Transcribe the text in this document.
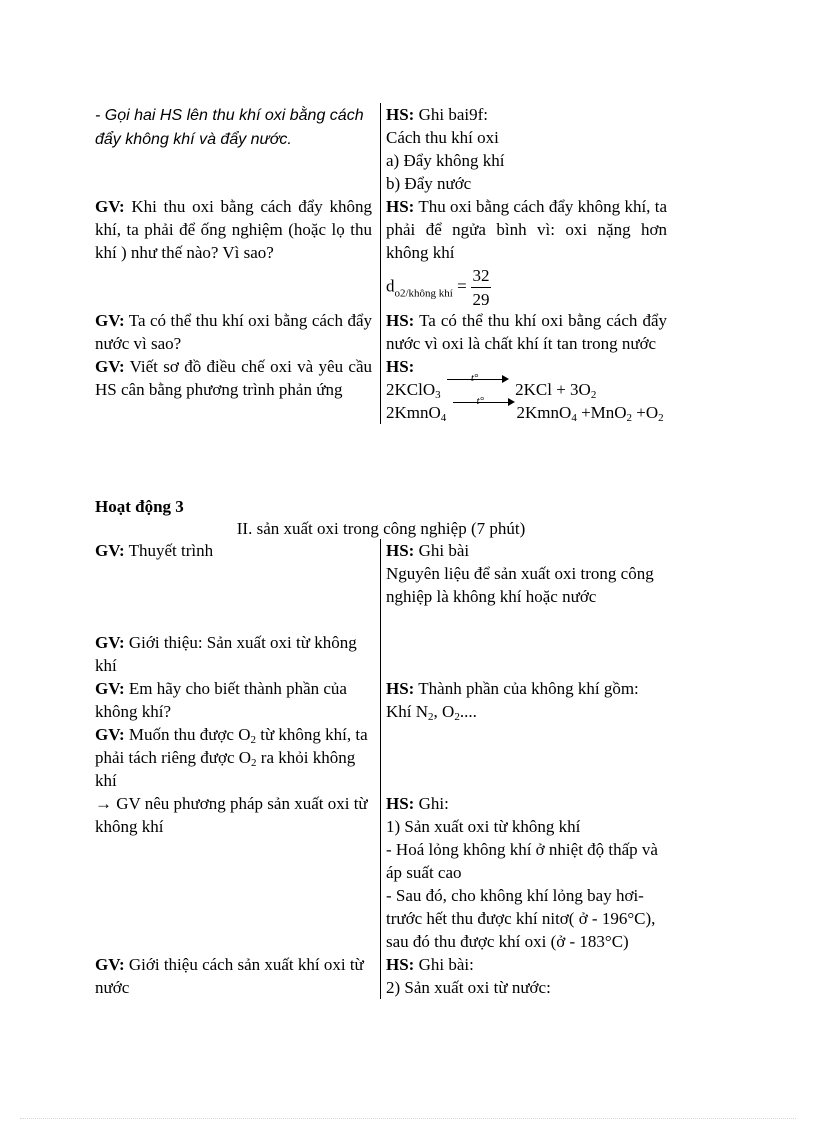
- Gọi hai HS lên thu khí oxi bằng cách đẩy không khí và đẩy nước.
HS: Ghi bai9f:
Cách thu khí oxi
a) Đẩy không khí
b) Đẩy nước
GV: Khi thu oxi bằng cách đẩy không khí, ta phải để ống nghiệm (hoặc lọ thu khí ) như thế nào? Vì sao?
HS: Thu oxi bằng cách đẩy không khí, ta phải để ngửa bình vì: oxi nặng hơn không khí
$d_{o2/không khí} = \frac{32}{29}$
GV: Ta có thể thu khí oxi bằng cách đẩy nước vì sao?
HS: Ta có thể thu khí oxi bằng cách đẩy nước vì oxi là chất khí ít tan trong nước
GV: Viết sơ đồ điều chế oxi và yêu cầu HS cân bằng phương trình phản ứng
HS:
2KClO$_3$
t°
$2KCl + 3O_2$
2KmnO$_4$
t°
2KmnO$_4$ $+MnO_2 +O_2$
Hoạt động 3
II. sản xuất oxi trong công nghiệp (7 phút)
GV: Thuyết trình	HS: Ghi bài
Nguyên liệu để sản xuất oxi trong công nghiệp là không khí hoặc nước
GV: Giới thiệu: Sản xuất oxi từ không khí
GV: Em hãy cho biết thành phần của không khí?
HS: Thành phần của không khí gồm:
Khí $N_2$, $O_2$....
GV: Muốn thu được $O_2$ từ không khí, ta phải tách riêng được $O_2$ ra khỏi không khí
→ GV nêu phương pháp sản xuất oxi từ không khí
HS: Ghi:
1) Sản xuất oxi từ không khí
- Hoá lỏng không khí ở nhiệt độ thấp và áp suất cao
- Sau đó, cho không khí lỏng bay hơi- trước hết thu được khí nitơ( ở - 196°C), sau đó thu được khí oxi (ở - 183°C)
GV: Giới thiệu cách sản xuất khí oxi từ nước
HS: Ghi bài:
2) Sản xuất oxi từ nước:
